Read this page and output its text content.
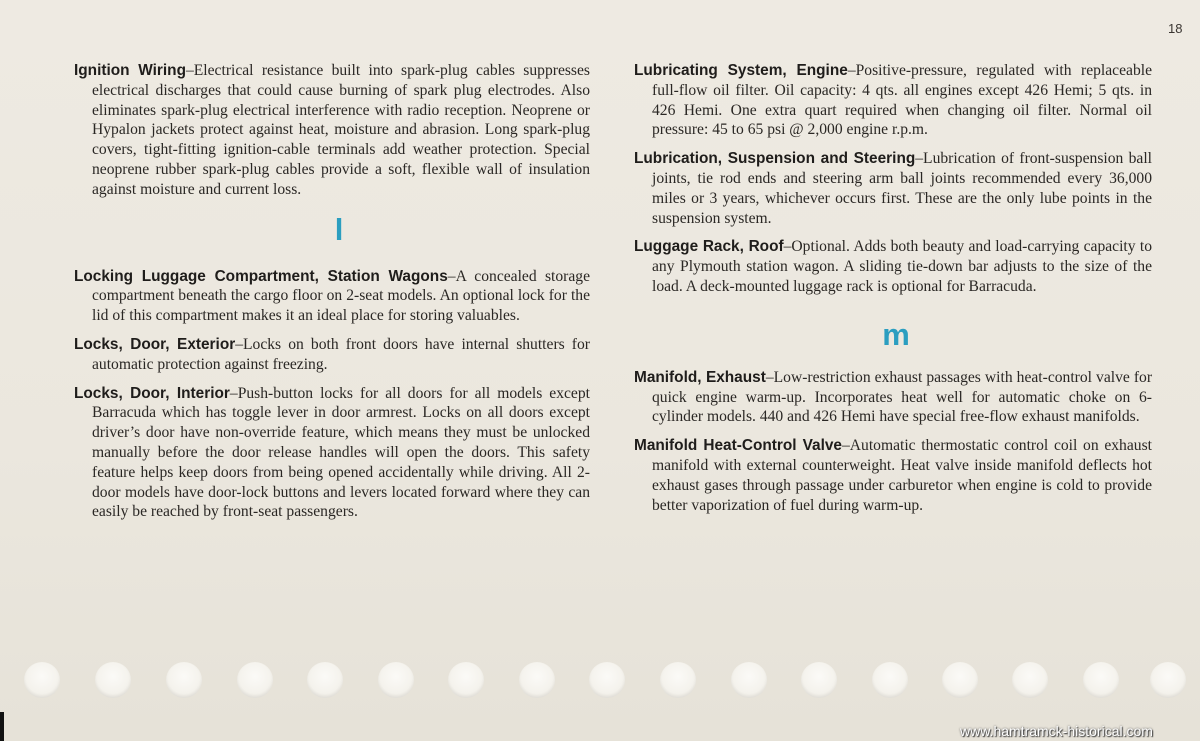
18

Ignition Wiring–Electrical resistance built into spark-plug cables suppresses electrical discharges that could cause burning of spark plug electrodes. Also eliminates spark-plug electrical interference with radio reception. Neoprene or Hypalon jackets protect against heat, moisture and abrasion. Long spark-plug covers, tight-fitting ignition-cable terminals add weather protection. Special neoprene rubber spark-plug cables provide a soft, flexible wall of insulation against moisture and current loss.

l

Locking Luggage Compartment, Station Wagons–A concealed storage compartment beneath the cargo floor on 2-seat models. An optional lock for the lid of this compartment makes it an ideal place for storing valuables.

Locks, Door, Exterior–Locks on both front doors have internal shutters for automatic protection against freezing.

Locks, Door, Interior–Push-button locks for all doors for all models except Barracuda which has toggle lever in door armrest. Locks on all doors except driver’s door have non-override feature, which means they must be unlocked manually before the door release handles will open the doors. This safety feature helps keep doors from being opened accidentally while driving. All 2-door models have door-lock buttons and levers located forward where they can easily be reached by front-seat passengers.

Lubricating System, Engine–Positive-pressure, regulated with replaceable full-flow oil filter. Oil capacity: 4 qts. all engines except 426 Hemi; 5 qts. in 426 Hemi. One extra quart required when changing oil filter. Normal oil pressure: 45 to 65 psi @ 2,000 engine r.p.m.

Lubrication, Suspension and Steering–Lubrication of front-suspension ball joints, tie rod ends and steering arm ball joints recommended every 36,000 miles or 3 years, whichever occurs first. These are the only lube points in the suspension system.

Luggage Rack, Roof–Optional. Adds both beauty and load-carrying capacity to any Plymouth station wagon. A sliding tie-down bar adjusts to the size of the load. A deck-mounted luggage rack is optional for Barracuda.

m

Manifold, Exhaust–Low-restriction exhaust passages with heat-control valve for quick engine warm-up. Incorporates heat well for automatic choke on 6-cylinder models. 440 and 426 Hemi have special free-flow exhaust manifolds.

Manifold Heat-Control Valve–Automatic thermostatic control coil on exhaust manifold with external counterweight. Heat valve inside manifold deflects hot exhaust gases through passage under carburetor when engine is cold to provide better vaporization of fuel during warm-up.

www.hamtramck-historical.com
